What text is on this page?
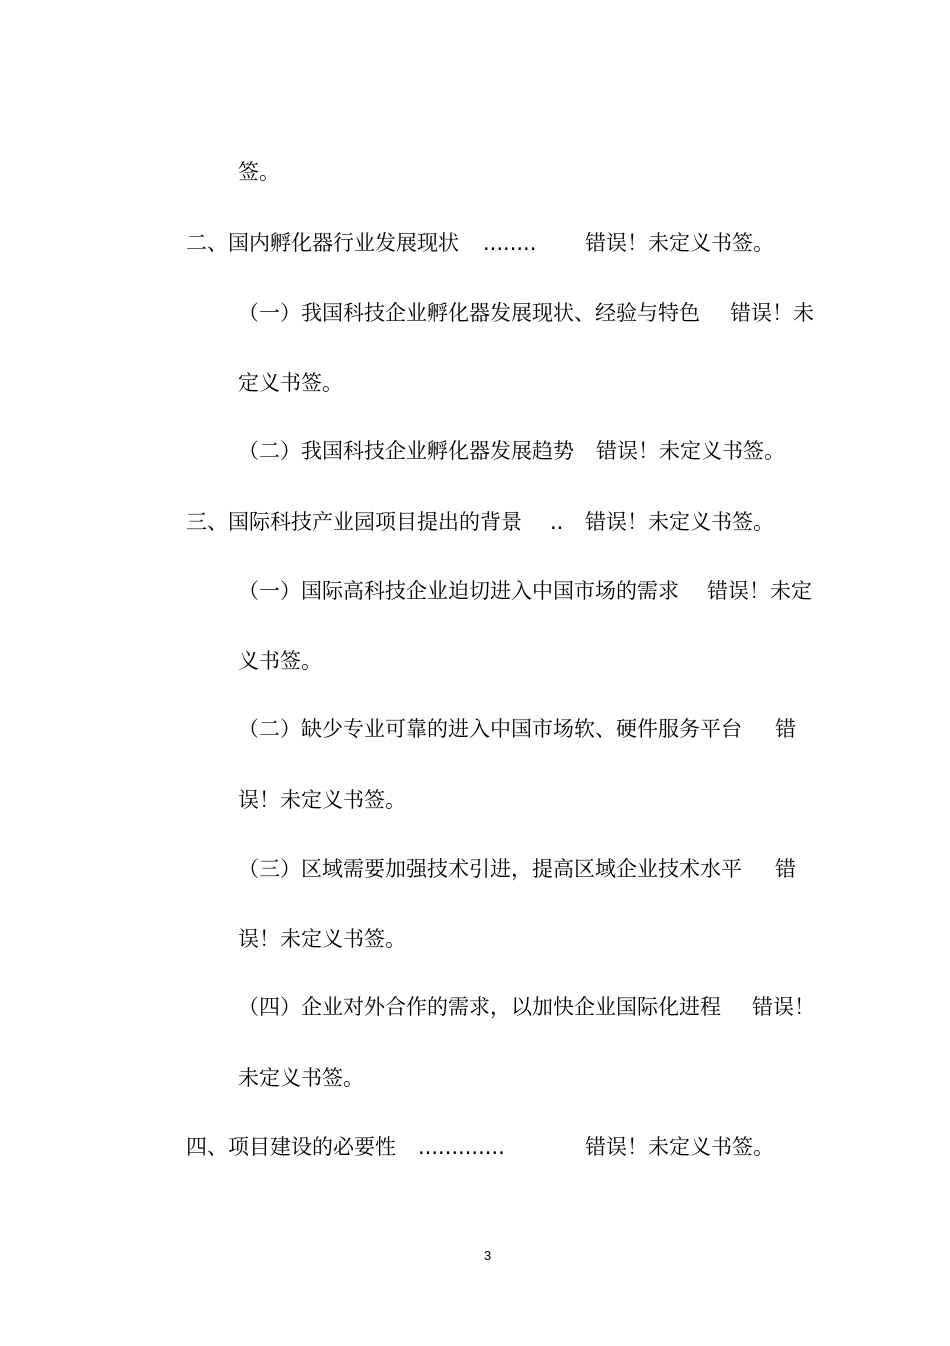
签。
二、国内孵化器行业发展现状 ........ 错误！未定义书签。
（一）我国科技企业孵化器发展现状、经验与特色 错误！未
定义书签。
（二）我国科技企业孵化器发展趋势 错误！未定义书签。
三、国际科技产业园项目提出的背景 .. 错误！未定义书签。
（一）国际高科技企业迫切进入中国市场的需求 错误！未定
义书签。
（二）缺少专业可靠的进入中国市场软、硬件服务平台 错
误！未定义书签。
（三）区域需要加强技术引进，提高区域企业技术水平 错
误！未定义书签。
（四）企业对外合作的需求，以加快企业国际化进程 错误！
未定义书签。
四、项目建设的必要性 .............	错误！未定义书签。
3
